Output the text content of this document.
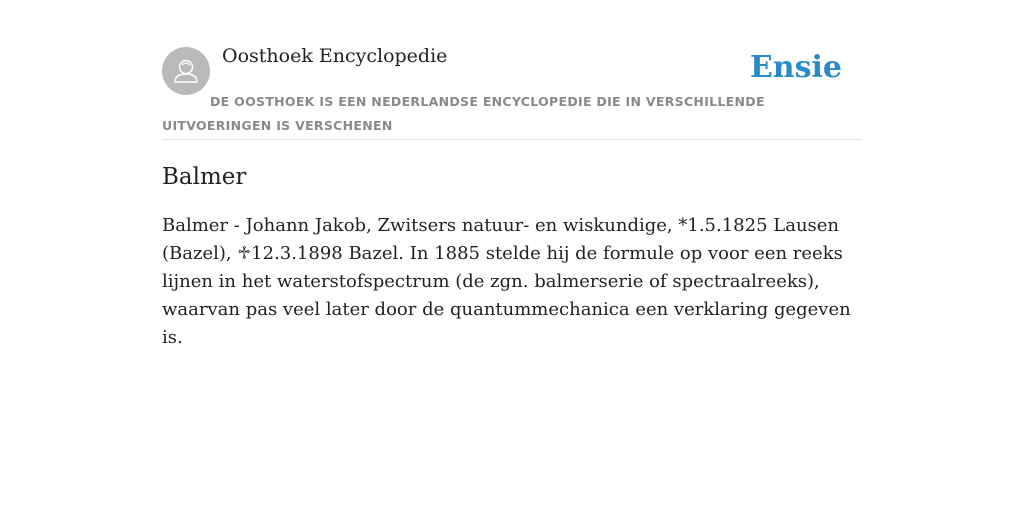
Oosthoek Encyclopedie	Ensie
DE OOSTHOEK IS EEN NEDERLANDSE ENCYCLOPEDIE DIE IN VERSCHILLENDE UITVOERINGEN IS VERSCHENEN
Balmer

Balmer - Johann Jakob, Zwitsers natuur- en wiskundige, *1.5.1825 Lausen (Bazel), ♱12.3.1898 Bazel. In 1885 stelde hij de formule op voor een reeks lijnen in het waterstofspectrum (de zgn. balmerserie of spectraalreeks), waarvan pas veel later door de quantummechanica een verklaring gegeven is.
